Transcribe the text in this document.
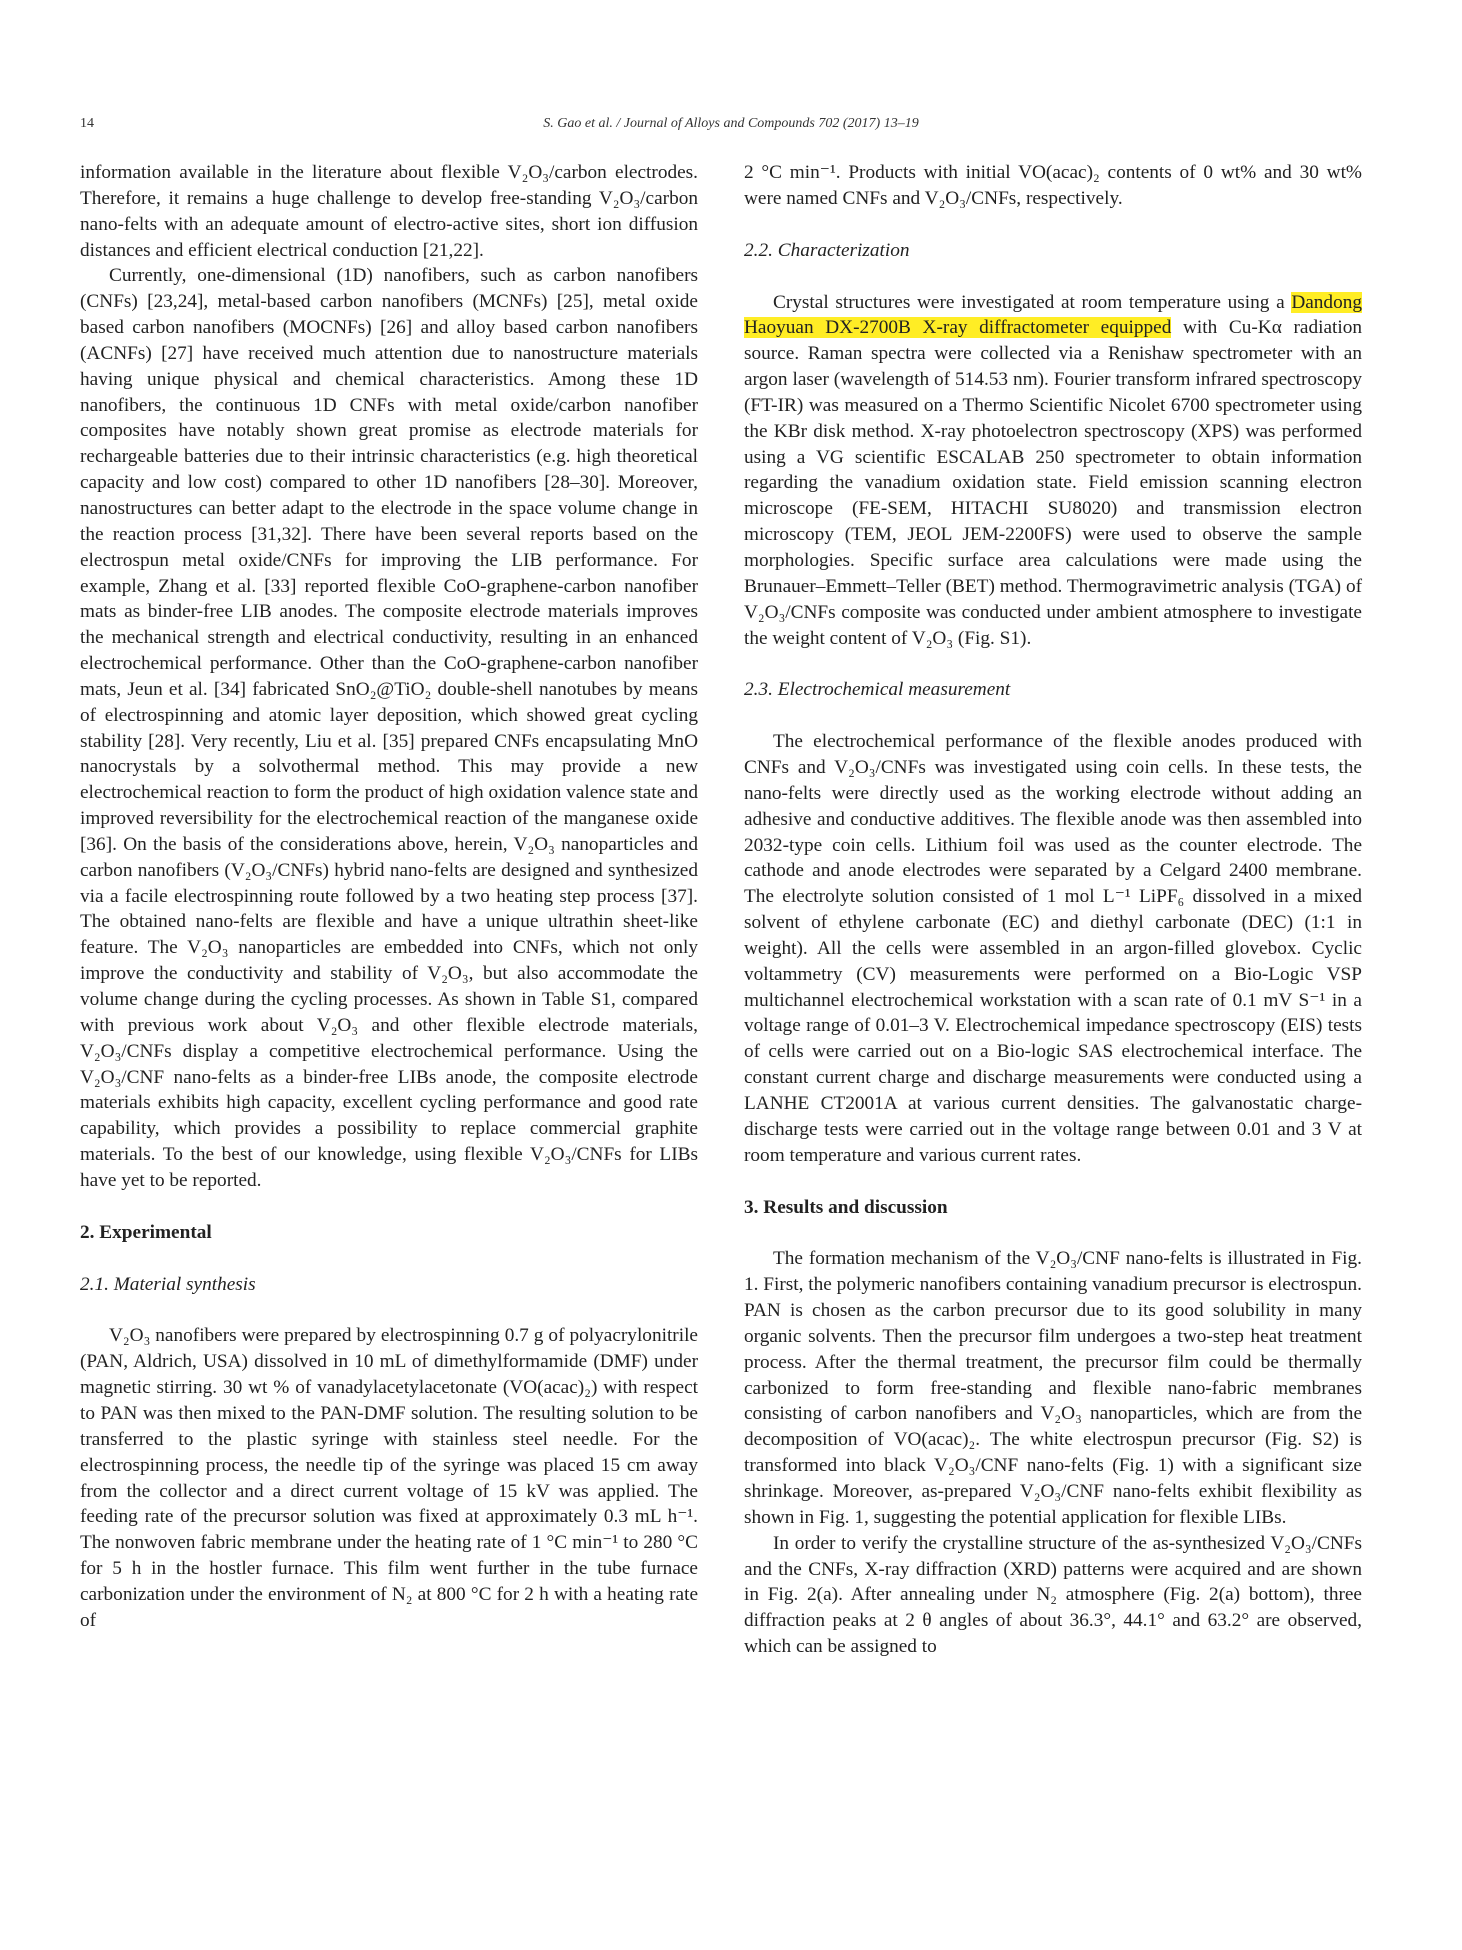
14	S. Gao et al. / Journal of Alloys and Compounds 702 (2017) 13–19

information available in the literature about flexible V₂O₃/carbon electrodes. Therefore, it remains a huge challenge to develop free-standing V₂O₃/carbon nano-felts with an adequate amount of electro-active sites, short ion diffusion distances and efficient electrical conduction [21,22].

Currently, one-dimensional (1D) nanofibers, such as carbon nanofibers (CNFs) [23,24], metal-based carbon nanofibers (MCNFs) [25], metal oxide based carbon nanofibers (MOCNFs) [26] and alloy based carbon nanofibers (ACNFs) [27] have received much attention due to nanostructure materials having unique physical and chemical characteristics. Among these 1D nanofibers, the continuous 1D CNFs with metal oxide/carbon nanofiber composites have notably shown great promise as electrode materials for rechargeable batteries due to their intrinsic characteristics (e.g. high theoretical capacity and low cost) compared to other 1D nanofibers [28–30]. Moreover, nanostructures can better adapt to the electrode in the space volume change in the reaction process [31,32]. There have been several reports based on the electrospun metal oxide/CNFs for improving the LIB performance. For example, Zhang et al. [33] reported flexible CoO-graphene-carbon nanofiber mats as binder-free LIB anodes. The composite electrode materials improves the mechanical strength and electrical conductivity, resulting in an enhanced electrochemical performance. Other than the CoO-graphene-carbon nanofiber mats, Jeun et al. [34] fabricated SnO₂@TiO₂ double-shell nanotubes by means of electrospinning and atomic layer deposition, which showed great cycling stability [28]. Very recently, Liu et al. [35] prepared CNFs encapsulating MnO nanocrystals by a solvothermal method. This may provide a new electrochemical reaction to form the product of high oxidation valence state and improved reversibility for the electrochemical reaction of the manganese oxide [36]. On the basis of the considerations above, herein, V₂O₃ nanoparticles and carbon nanofibers (V₂O₃/CNFs) hybrid nano-felts are designed and synthesized via a facile electrospinning route followed by a two heating step process [37]. The obtained nano-felts are flexible and have a unique ultrathin sheet-like feature. The V₂O₃ nanoparticles are embedded into CNFs, which not only improve the conductivity and stability of V₂O₃, but also accommodate the volume change during the cycling processes. As shown in Table S1, compared with previous work about V₂O₃ and other flexible electrode materials, V₂O₃/CNFs display a competitive electrochemical performance. Using the V₂O₃/CNF nano-felts as a binder-free LIBs anode, the composite electrode materials exhibits high capacity, excellent cycling performance and good rate capability, which provides a possibility to replace commercial graphite materials. To the best of our knowledge, using flexible V₂O₃/CNFs for LIBs have yet to be reported.

2. Experimental

2.1. Material synthesis

V₂O₃ nanofibers were prepared by electrospinning 0.7 g of polyacrylonitrile (PAN, Aldrich, USA) dissolved in 10 mL of dimethylformamide (DMF) under magnetic stirring. 30 wt % of vanadylacetylacetonate (VO(acac)₂) with respect to PAN was then mixed to the PAN-DMF solution. The resulting solution to be transferred to the plastic syringe with stainless steel needle. For the electrospinning process, the needle tip of the syringe was placed 15 cm away from the collector and a direct current voltage of 15 kV was applied. The feeding rate of the precursor solution was fixed at approximately 0.3 mL h⁻¹. The nonwoven fabric membrane under the heating rate of 1 °C min⁻¹ to 280 °C for 5 h in the hostler furnace. This film went further in the tube furnace carbonization under the environment of N₂ at 800 °C for 2 h with a heating rate of

2 °C min⁻¹. Products with initial VO(acac)₂ contents of 0 wt% and 30 wt% were named CNFs and V₂O₃/CNFs, respectively.

2.2. Characterization

Crystal structures were investigated at room temperature using a Dandong Haoyuan DX-2700B X-ray diffractometer equipped with Cu-Kα radiation source. Raman spectra were collected via a Renishaw spectrometer with an argon laser (wavelength of 514.53 nm). Fourier transform infrared spectroscopy (FT-IR) was measured on a Thermo Scientific Nicolet 6700 spectrometer using the KBr disk method. X-ray photoelectron spectroscopy (XPS) was performed using a VG scientific ESCALAB 250 spectrometer to obtain information regarding the vanadium oxidation state. Field emission scanning electron microscope (FE-SEM, HITACHI SU8020) and transmission electron microscopy (TEM, JEOL JEM-2200FS) were used to observe the sample morphologies. Specific surface area calculations were made using the Brunauer–Emmett–Teller (BET) method. Thermogravimetric analysis (TGA) of V₂O₃/CNFs composite was conducted under ambient atmosphere to investigate the weight content of V₂O₃ (Fig. S1).

2.3. Electrochemical measurement

The electrochemical performance of the flexible anodes produced with CNFs and V₂O₃/CNFs was investigated using coin cells. In these tests, the nano-felts were directly used as the working electrode without adding an adhesive and conductive additives. The flexible anode was then assembled into 2032-type coin cells. Lithium foil was used as the counter electrode. The cathode and anode electrodes were separated by a Celgard 2400 membrane. The electrolyte solution consisted of 1 mol L⁻¹ LiPF₆ dissolved in a mixed solvent of ethylene carbonate (EC) and diethyl carbonate (DEC) (1:1 in weight). All the cells were assembled in an argon-filled glovebox. Cyclic voltammetry (CV) measurements were performed on a Bio-Logic VSP multichannel electrochemical workstation with a scan rate of 0.1 mV S⁻¹ in a voltage range of 0.01–3 V. Electrochemical impedance spectroscopy (EIS) tests of cells were carried out on a Bio-logic SAS electrochemical interface. The constant current charge and discharge measurements were conducted using a LANHE CT2001A at various current densities. The galvanostatic charge-discharge tests were carried out in the voltage range between 0.01 and 3 V at room temperature and various current rates.

3. Results and discussion

The formation mechanism of the V₂O₃/CNF nano-felts is illustrated in Fig. 1. First, the polymeric nanofibers containing vanadium precursor is electrospun. PAN is chosen as the carbon precursor due to its good solubility in many organic solvents. Then the precursor film undergoes a two-step heat treatment process. After the thermal treatment, the precursor film could be thermally carbonized to form free-standing and flexible nano-fabric membranes consisting of carbon nanofibers and V₂O₃ nanoparticles, which are from the decomposition of VO(acac)₂. The white electrospun precursor (Fig. S2) is transformed into black V₂O₃/CNF nano-felts (Fig. 1) with a significant size shrinkage. Moreover, as-prepared V₂O₃/CNF nano-felts exhibit flexibility as shown in Fig. 1, suggesting the potential application for flexible LIBs.

In order to verify the crystalline structure of the as-synthesized V₂O₃/CNFs and the CNFs, X-ray diffraction (XRD) patterns were acquired and are shown in Fig. 2(a). After annealing under N₂ atmosphere (Fig. 2(a) bottom), three diffraction peaks at 2 θ angles of about 36.3°, 44.1° and 63.2° are observed, which can be assigned to
